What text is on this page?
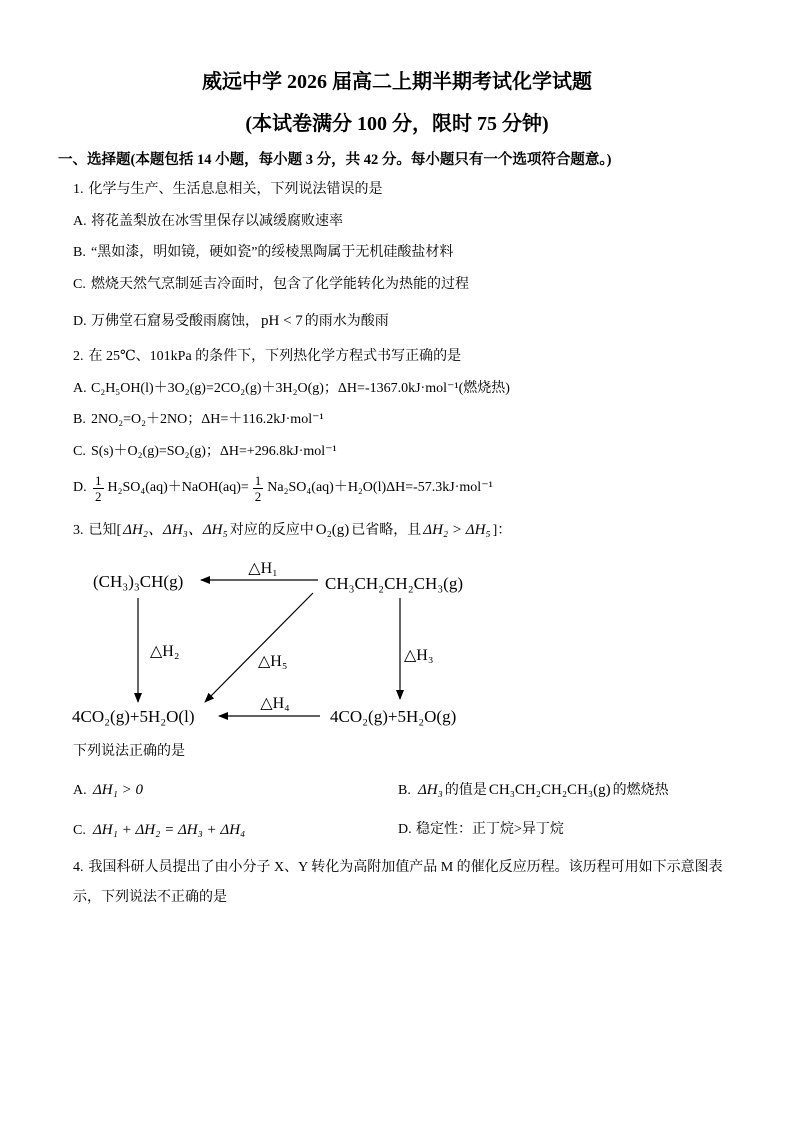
威远中学 2026 届高二上期半期考试化学试题
(本试卷满分 100 分，限时 75 分钟)
一、选择题(本题包括 14 小题，每小题 3 分，共 42 分。每小题只有一个选项符合题意。)
1. 化学与生产、生活息息相关，下列说法错误的是
A. 将花盖梨放在冰雪里保存以减缓腐败速率
B. “黑如漆，明如镜，硬如瓷”的绥棱黑陶属于无机硅酸盐材料
C. 燃烧天然气烹制延吉冷面时，包含了化学能转化为热能的过程
D. 万佛堂石窟易受酸雨腐蚀， pH < 7 的雨水为酸雨
2. 在 25℃、101kPa 的条件下，下列热化学方程式书写正确的是
A. C₂H₅OH(l)＋3O₂(g)=2CO₂(g)＋3H₂O(g)；ΔH=-1367.0kJ·mol⁻¹(燃烧热)
B. 2NO₂=O₂＋2NO；ΔH=＋116.2kJ·mol⁻¹
C. S(s)＋O₂(g)=SO₂(g)；ΔH=+296.8kJ·mol⁻¹
D. $\frac{1}{2}$ H₂SO₄(aq)＋NaOH(aq)= $\frac{1}{2} Na_2SO_4(aq)+H_2O(l)\Delta H=-57.3kJ\cdot mol^{-1}$
3. 已知[ ΔH₂、ΔH₃、ΔH₅ 对应的反应中 O₂(g) 已省略，且 ΔH₂ > ΔH₅ ]：
(CH₃)₃CH(g)	CH₃CH₂CH₂CH₃(g)
4CO₂(g)+5H₂O(l)	4CO₂(g)+5H₂O(g)
△H₁
△H₂
△H₅	△H₃
△H₄
下列说法正确的是
A. ΔH₁ > 0	B. ΔH₃ 的值是 CH₃CH₂CH₂CH₃(g) 的燃烧热
C. ΔH₁ + ΔH₂ = ΔH₃ + ΔH₄	D. 稳定性：正丁烷>异丁烷
4. 我国科研人员提出了由小分子 X、Y 转化为高附加值产品 M 的催化反应历程。该历程可用如下示意图表
示，下列说法不正确的是
